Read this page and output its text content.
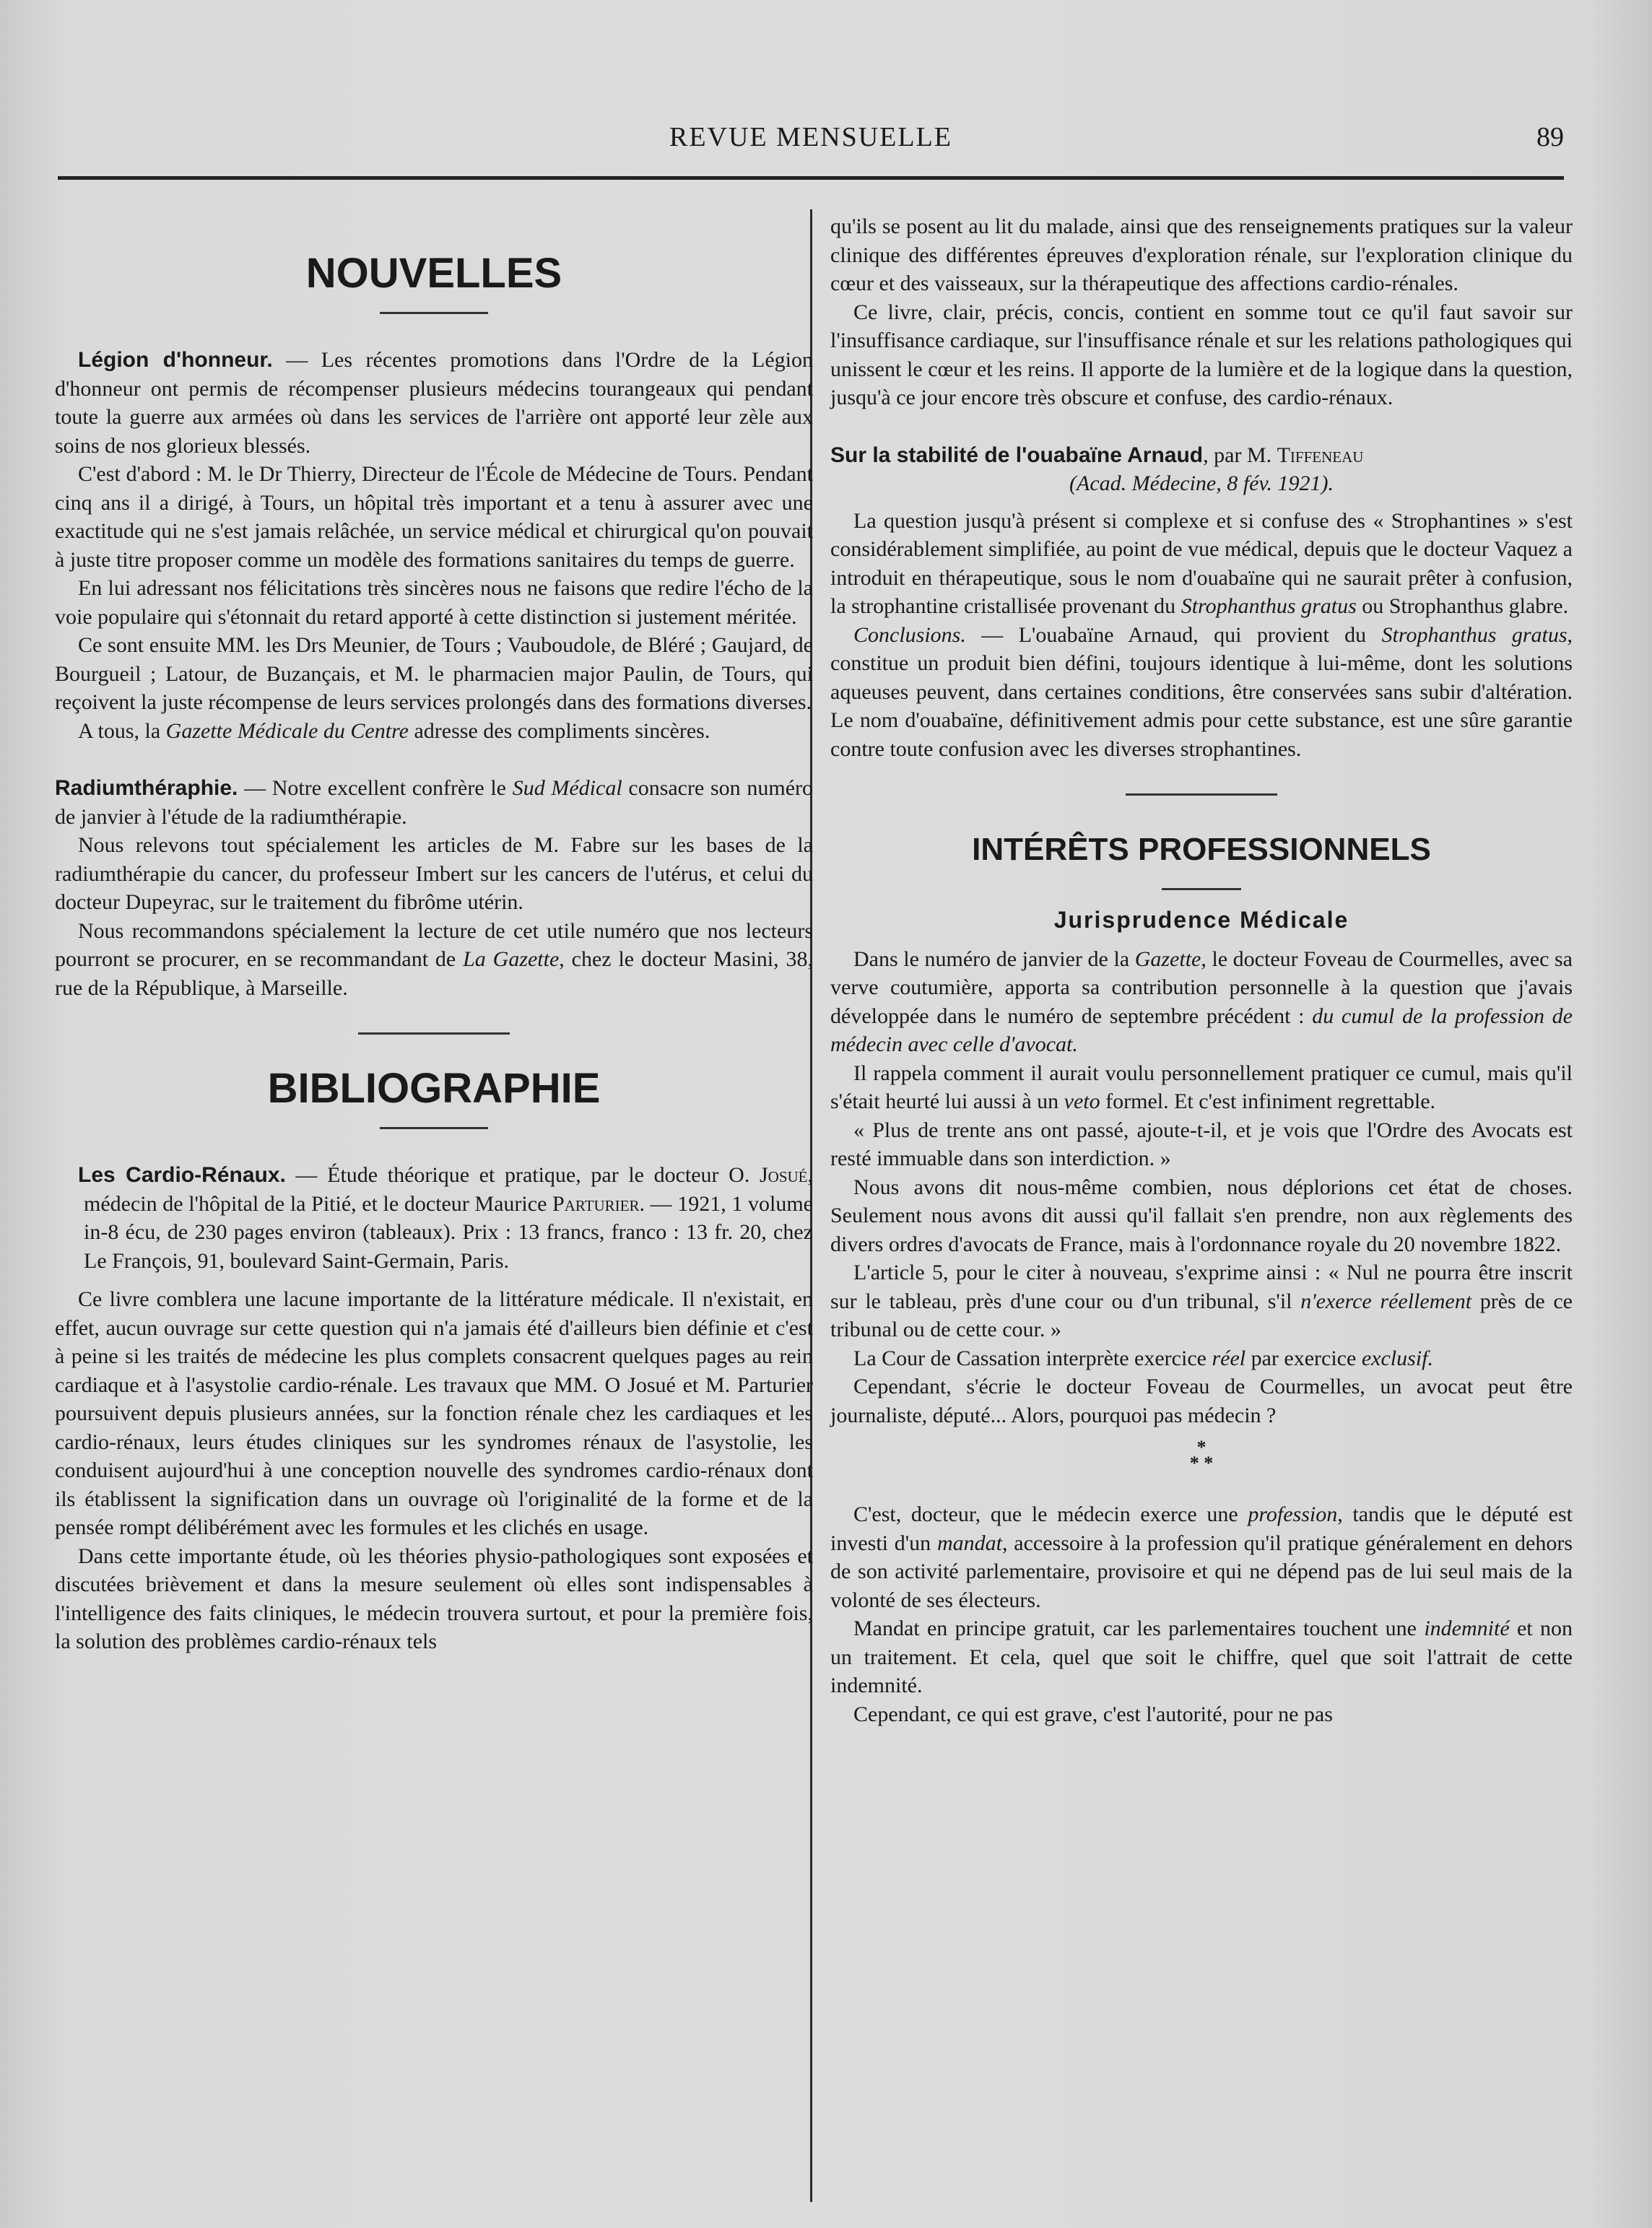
REVUE MENSUELLE	89
NOUVELLES

Légion d'honneur. — Les récentes promotions dans l'Ordre de la Légion d'honneur ont permis de récompenser plusieurs médecins tourangeaux qui pendant toute la guerre aux armées où dans les services de l'arrière ont apporté leur zèle aux soins de nos glorieux blessés.

C'est d'abord : M. le Dr Thierry, Directeur de l'École de Médecine de Tours. Pendant cinq ans il a dirigé, à Tours, un hôpital très important et a tenu à assurer avec une exactitude qui ne s'est jamais relâchée, un service médical et chirurgical qu'on pouvait à juste titre proposer comme un modèle des formations sanitaires du temps de guerre.

En lui adressant nos félicitations très sincères nous ne faisons que redire l'écho de la voie populaire qui s'étonnait du retard apporté à cette distinction si justement méritée.

Ce sont ensuite MM. les Drs Meunier, de Tours ; Vauboudole, de Bléré ; Gaujard, de Bourgueil ; Latour, de Buzançais, et M. le pharmacien major Paulin, de Tours, qui reçoivent la juste récompense de leurs services prolongés dans des formations diverses.

A tous, la Gazette Médicale du Centre adresse des compliments sincères.

Radiumthéraphie. — Notre excellent confrère le Sud Médical consacre son numéro de janvier à l'étude de la radiumthérapie.

Nous relevons tout spécialement les articles de M. Fabre sur les bases de la radiumthérapie du cancer, du professeur Imbert sur les cancers de l'utérus, et celui du docteur Dupeyrac, sur le traitement du fibrôme utérin.

Nous recommandons spécialement la lecture de cet utile numéro que nos lecteurs pourront se procurer, en se recommandant de La Gazette, chez le docteur Masini, 38, rue de la République, à Marseille.

BIBLIOGRAPHIE

Les Cardio-Rénaux. — Étude théorique et pratique, par le docteur O. Josué, médecin de l'hôpital de la Pitié, et le docteur Maurice Parturier. — 1921, 1 volume in-8 écu, de 230 pages environ (tableaux). Prix : 13 francs, franco : 13 fr. 20, chez Le François, 91, boulevard Saint-Germain, Paris.

Ce livre comblera une lacune importante de la littérature médicale. Il n'existait, en effet, aucun ouvrage sur cette question qui n'a jamais été d'ailleurs bien définie et c'est à peine si les traités de médecine les plus complets consacrent quelques pages au rein cardiaque et à l'asystolie cardio-rénale. Les travaux que MM. O Josué et M. Parturier poursuivent depuis plusieurs années, sur la fonction rénale chez les cardiaques et les cardio-rénaux, leurs études cliniques sur les syndromes rénaux de l'asystolie, les conduisent aujourd'hui à une conception nouvelle des syndromes cardio-rénaux dont ils établissent la signification dans un ouvrage où l'originalité de la forme et de la pensée rompt délibérément avec les formules et les clichés en usage.

Dans cette importante étude, où les théories physio-pathologiques sont exposées et discutées brièvement et dans la mesure seulement où elles sont indispensables à l'intelligence des faits cliniques, le médecin trouvera surtout, et pour la première fois, la solution des problèmes cardio-rénaux tels

qu'ils se posent au lit du malade, ainsi que des renseignements pratiques sur la valeur clinique des différentes épreuves d'exploration rénale, sur l'exploration clinique du cœur et des vaisseaux, sur la thérapeutique des affections cardio-rénales.

Ce livre, clair, précis, concis, contient en somme tout ce qu'il faut savoir sur l'insuffisance cardiaque, sur l'insuffisance rénale et sur les relations pathologiques qui unissent le cœur et les reins. Il apporte de la lumière et de la logique dans la question, jusqu'à ce jour encore très obscure et confuse, des cardio-rénaux.

Sur la stabilité de l'ouabaïne Arnaud, par M. Tiffeneau

(Acad. Médecine, 8 fév. 1921).

La question jusqu'à présent si complexe et si confuse des « Strophantines » s'est considérablement simplifiée, au point de vue médical, depuis que le docteur Vaquez a introduit en thérapeutique, sous le nom d'ouabaïne qui ne saurait prêter à confusion, la strophantine cristallisée provenant du Strophanthus gratus ou Strophanthus glabre.

Conclusions. — L'ouabaïne Arnaud, qui provient du Strophanthus gratus, constitue un produit bien défini, toujours identique à lui-même, dont les solutions aqueuses peuvent, dans certaines conditions, être conservées sans subir d'altération. Le nom d'ouabaïne, définitivement admis pour cette substance, est une sûre garantie contre toute confusion avec les diverses strophantines.

INTÉRÊTS PROFESSIONNELS
Jurisprudence Médicale

Dans le numéro de janvier de la Gazette, le docteur Foveau de Courmelles, avec sa verve coutumière, apporta sa contribution personnelle à la question que j'avais développée dans le numéro de septembre précédent : du cumul de la profession de médecin avec celle d'avocat.

Il rappela comment il aurait voulu personnellement pratiquer ce cumul, mais qu'il s'était heurté lui aussi à un veto formel. Et c'est infiniment regrettable.

« Plus de trente ans ont passé, ajoute-t-il, et je vois que l'Ordre des Avocats est resté immuable dans son interdiction. »

Nous avons dit nous-même combien, nous déplorions cet état de choses. Seulement nous avons dit aussi qu'il fallait s'en prendre, non aux règlements des divers ordres d'avocats de France, mais à l'ordonnance royale du 20 novembre 1822.

L'article 5, pour le citer à nouveau, s'exprime ainsi : « Nul ne pourra être inscrit sur le tableau, près d'une cour ou d'un tribunal, s'il n'exerce réellement près de ce tribunal ou de cette cour. »

La Cour de Cassation interprète exercice réel par exercice exclusif.

Cependant, s'écrie le docteur Foveau de Courmelles, un avocat peut être journaliste, député... Alors, pourquoi pas médecin ?

*
* *

C'est, docteur, que le médecin exerce une profession, tandis que le député est investi d'un mandat, accessoire à la profession qu'il pratique généralement en dehors de son activité parlementaire, provisoire et qui ne dépend pas de lui seul mais de la volonté de ses électeurs.

Mandat en principe gratuit, car les parlementaires touchent une indemnité et non un traitement. Et cela, quel que soit le chiffre, quel que soit l'attrait de cette indemnité.

Cependant, ce qui est grave, c'est l'autorité, pour ne pas
